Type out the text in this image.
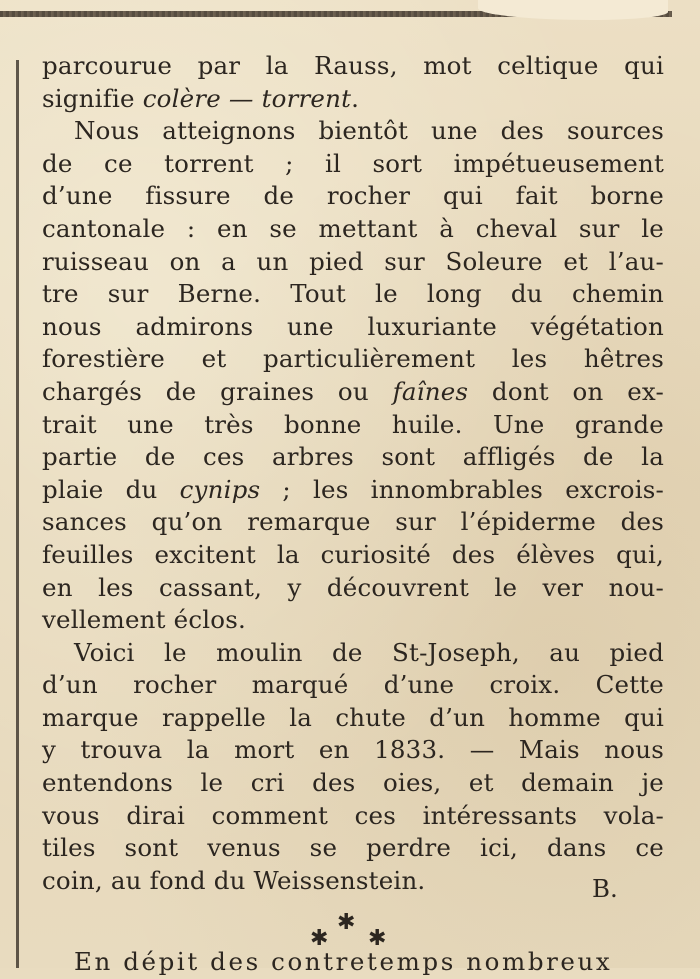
parcourue par la Rauss, mot celtique qui
signifie colère — torrent.
Nous atteignons bientôt une des sources
de ce torrent ; il sort impétueusement
d’une fissure de rocher qui fait borne
cantonale : en se mettant à cheval sur le
ruisseau on a un pied sur Soleure et l’au-
tre sur Berne. Tout le long du chemin
nous admirons une luxuriante végétation
forestière et particulièrement les hêtres
chargés de graines ou faînes dont on ex-
trait une très bonne huile. Une grande
partie de ces arbres sont affligés de la
plaie du cynips ; les innombrables excrois-
sances qu’on remarque sur l’épiderme des
feuilles excitent la curiosité des élèves qui,
en les cassant, y découvrent le ver nou-
vellement éclos.
Voici le moulin de St-Joseph, au pied
d’un rocher marqué d’une croix. Cette
marque rappelle la chute d’un homme qui
y trouva la mort en 1833. — Mais nous
entendons le cri des oies, et demain je
vous dirai comment ces intéressants vola-
tiles sont venus se perdre ici, dans ce
coin, au fond du Weissenstein.	B.
✱
✱ ✱
En dépit des contretemps nombreux
